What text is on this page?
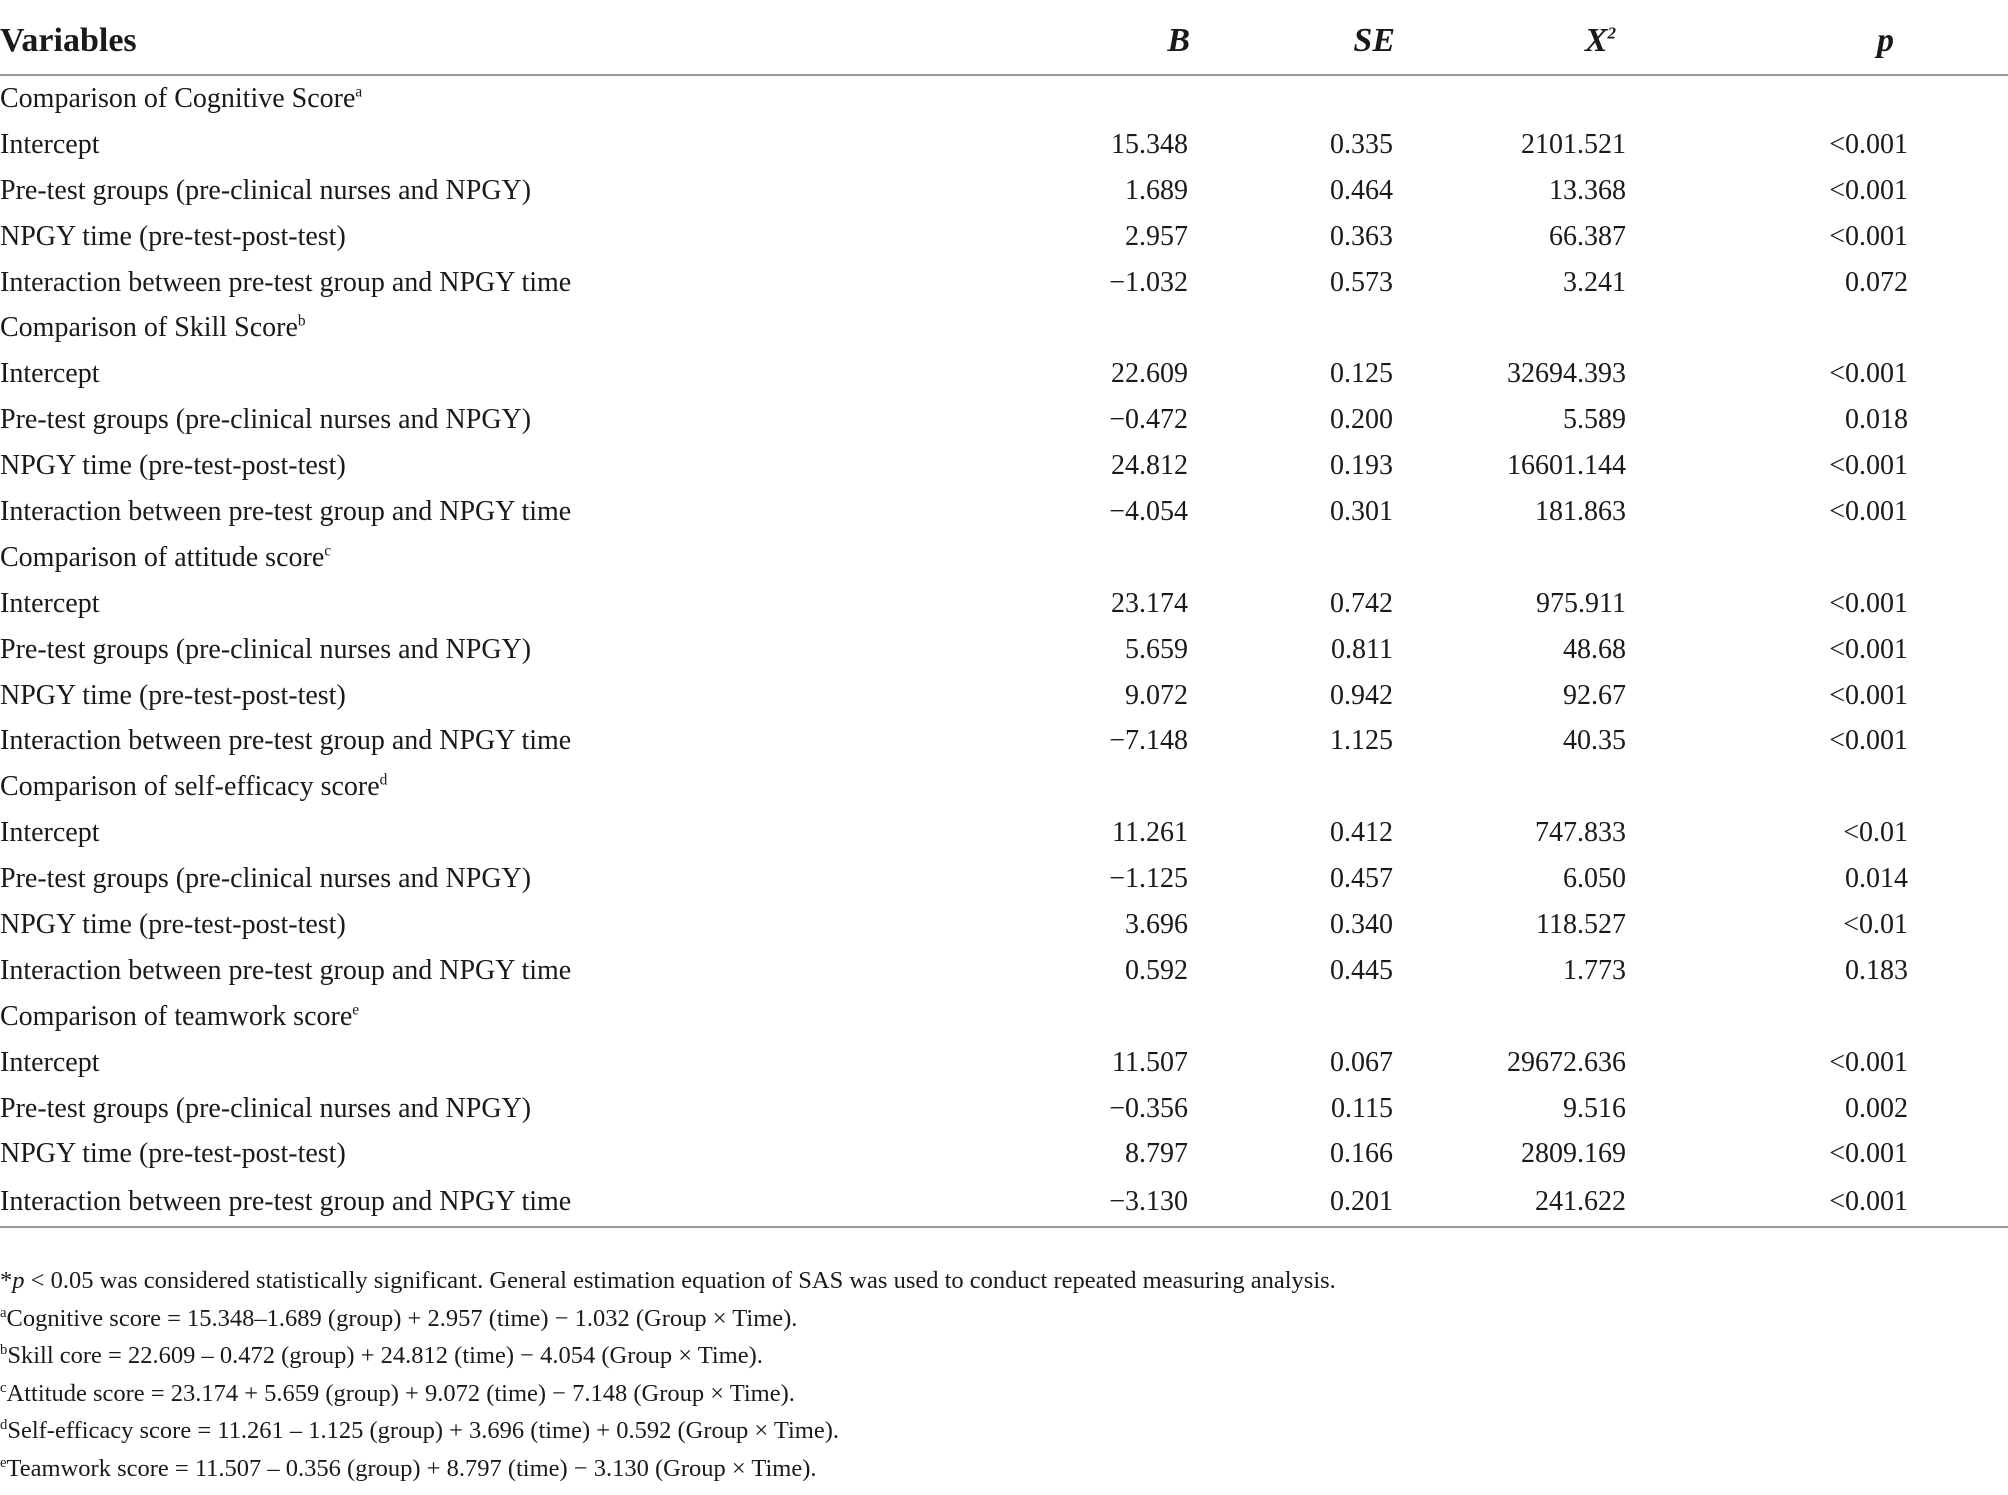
Variables	B	SE	$X^2$	p
Comparison of Cognitive Score$^a$
Intercept	15.348	0.335	2101.521	<0.001
Pre-test groups (pre-clinical nurses and NPGY)	1.689	0.464	13.368	<0.001
NPGY time (pre-test-post-test)	2.957	0.363	66.387	<0.001
Interaction between pre-test group and NPGY time	−1.032	0.573	3.241	0.072
Comparison of Skill Score$^b$
Intercept	22.609	0.125	32694.393	<0.001
Pre-test groups (pre-clinical nurses and NPGY)	−0.472	0.200	5.589	0.018
NPGY time (pre-test-post-test)	24.812	0.193	16601.144	<0.001
Interaction between pre-test group and NPGY time	−4.054	0.301	181.863	<0.001
Comparison of attitude score$^c$
Intercept	23.174	0.742	975.911	<0.001
Pre-test groups (pre-clinical nurses and NPGY)	5.659	0.811	48.68	<0.001
NPGY time (pre-test-post-test)	9.072	0.942	92.67	<0.001
Interaction between pre-test group and NPGY time	−7.148	1.125	40.35	<0.001
Comparison of self-efficacy score$^d$
Intercept	11.261	0.412	747.833	<0.01
Pre-test groups (pre-clinical nurses and NPGY)	−1.125	0.457	6.050	0.014
NPGY time (pre-test-post-test)	3.696	0.340	118.527	<0.01
Interaction between pre-test group and NPGY time	0.592	0.445	1.773	0.183
Comparison of teamwork score$^e$
Intercept	11.507	0.067	29672.636	<0.001
Pre-test groups (pre-clinical nurses and NPGY)	−0.356	0.115	9.516	0.002
NPGY time (pre-test-post-test)	8.797	0.166	2809.169	<0.001
Interaction between pre-test group and NPGY time	−3.130	0.201	241.622	<0.001
*p < 0.05 was considered statistically significant. General estimation equation of SAS was used to conduct repeated measuring analysis.
$^a$Cognitive score = 15.348–1.689 (group) + 2.957 (time) − 1.032 (Group × Time).
$^b$Skill core = 22.609 – 0.472 (group) + 24.812 (time) − 4.054 (Group × Time).
$^c$Attitude score = 23.174 + 5.659 (group) + 9.072 (time) − 7.148 (Group × Time).
$^d$Self-efficacy score = 11.261 – 1.125 (group) + 3.696 (time) + 0.592 (Group × Time).
$^e$Teamwork score = 11.507 – 0.356 (group) + 8.797 (time) − 3.130 (Group × Time).
